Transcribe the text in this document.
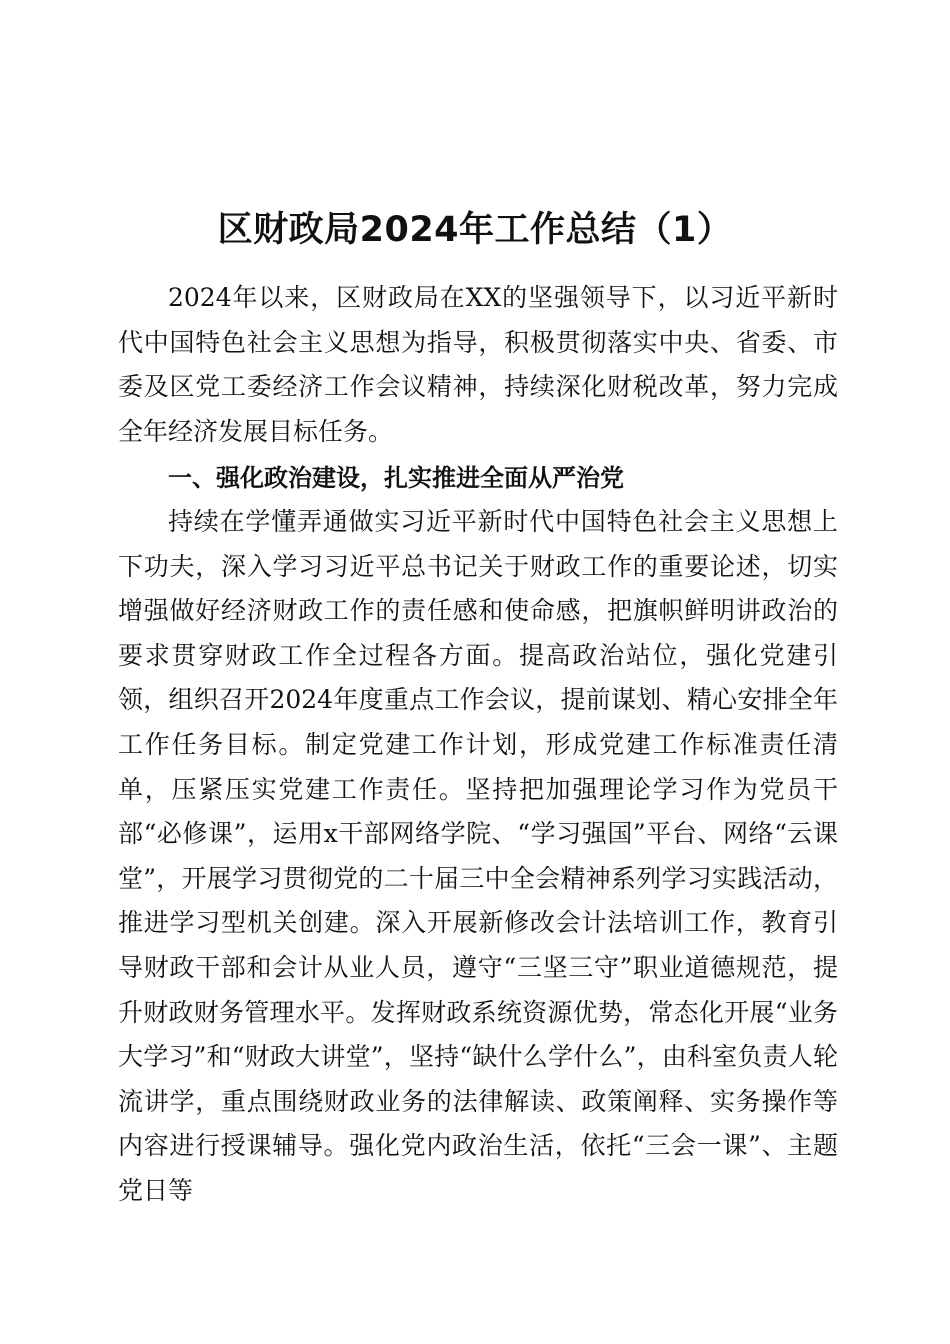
区财政局2024年工作总结（1）

2024年以来，区财政局在XX的坚强领导下，以习近平新时代中国特色社会主义思想为指导，积极贯彻落实中央、省委、市委及区党工委经济工作会议精神，持续深化财税改革，努力完成全年经济发展目标任务。

一、强化政治建设，扎实推进全面从严治党

持续在学懂弄通做实习近平新时代中国特色社会主义思想上下功夫，深入学习习近平总书记关于财政工作的重要论述，切实增强做好经济财政工作的责任感和使命感，把旗帜鲜明讲政治的要求贯穿财政工作全过程各方面。提高政治站位，强化党建引领，组织召开2024年度重点工作会议，提前谋划、精心安排全年工作任务目标。制定党建工作计划，形成党建工作标准责任清单，压紧压实党建工作责任。坚持把加强理论学习作为党员干部“必修课”，运用x干部网络学院、“学习强国”平台、网络“云课堂”，开展学习贯彻党的二十届三中全会精神系列学习实践活动，推进学习型机关创建。深入开展新修改会计法培训工作，教育引导财政干部和会计从业人员，遵守“三坚三守”职业道德规范，提升财政财务管理水平。发挥财政系统资源优势，常态化开展“业务大学习”和“财政大讲堂”，坚持“缺什么学什么”，由科室负责人轮流讲学，重点围绕财政业务的法律解读、政策阐释、实务操作等内容进行授课辅导。强化党内政治生活，依托“三会一课”、主题党日等
